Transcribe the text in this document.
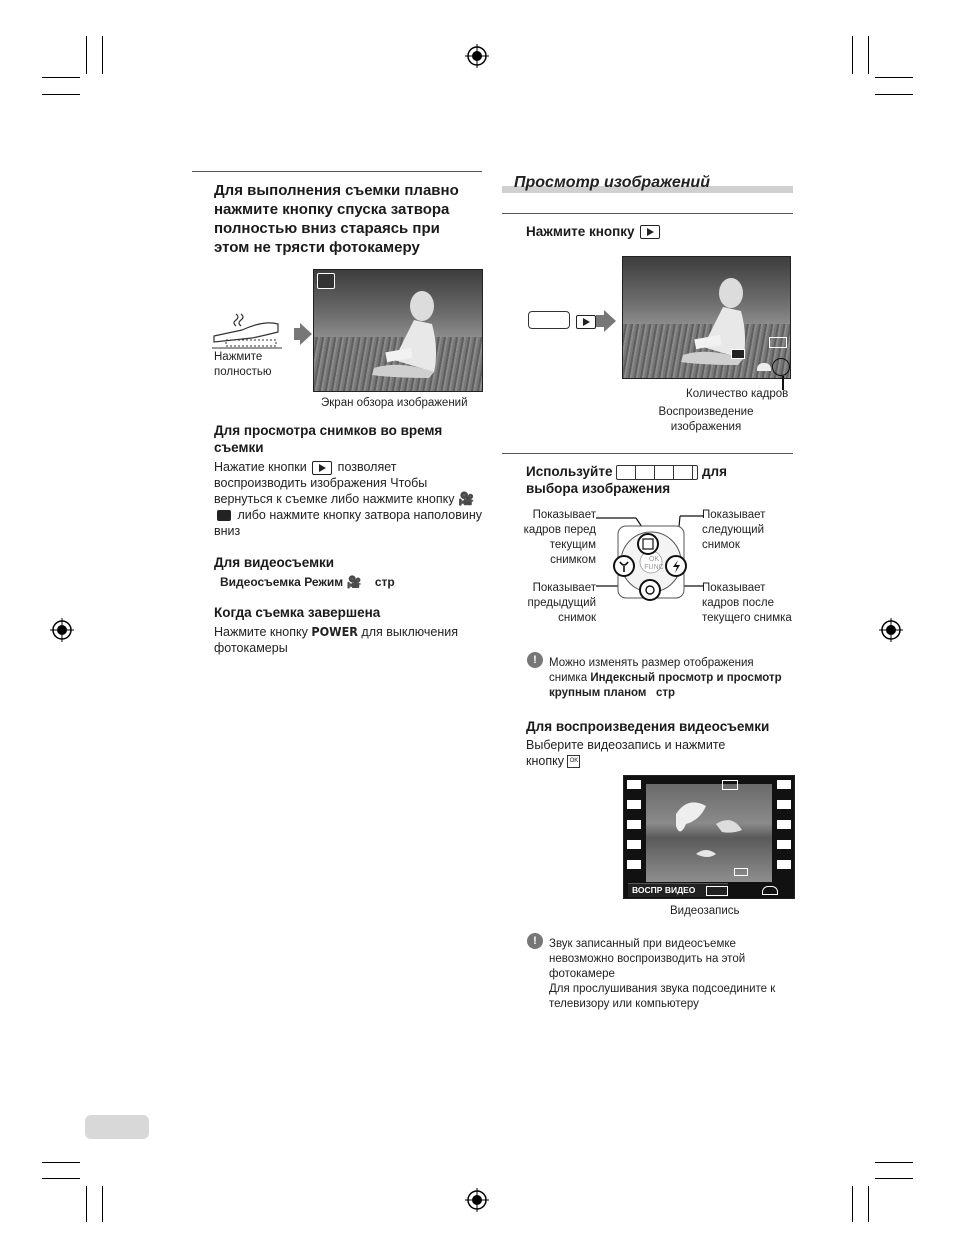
Для выполнения съемки плавно нажмите кнопку спуска затвора полностью вниз стараясь при этом не трясти фотокамеру
Нажмите полностью
Экран обзора изображений
Для просмотра снимков во время съемки
Нажатие кнопки позволяет воспроизводить изображения Чтобы вернуться к съемке либо нажмите кнопку 🎥  либо нажмите кнопку затвора наполовину вниз
Для видеосъемки
Видеосъемка Режим 🎥 стр
Когда съемка завершена
Нажмите кнопку POWER для выключения фотокамеры
Просмотр изображений
Нажмите кнопку
Количество кадров
Воспроизведение изображения
Используйте	для
выбора изображения
Показывает кадров перед текущим снимком
Показывает следующий снимок
Показывает предыдущий снимок
Показывает кадров после текущего снимка
OK
FUNC
!	Можно изменять размер отображения снимка Индексный просмотр и просмотр крупным планом стр
Для воспроизведения видеосъемки
Выберите видеозапись и нажмите кнопку OK
ВОСПР ВИДЕО
Видеозапись
!	Звук записанный при видеосъемке невозможно воспроизводить на этой фотокамере
Для прослушивания звука подсоедините к телевизору или компьютеру
